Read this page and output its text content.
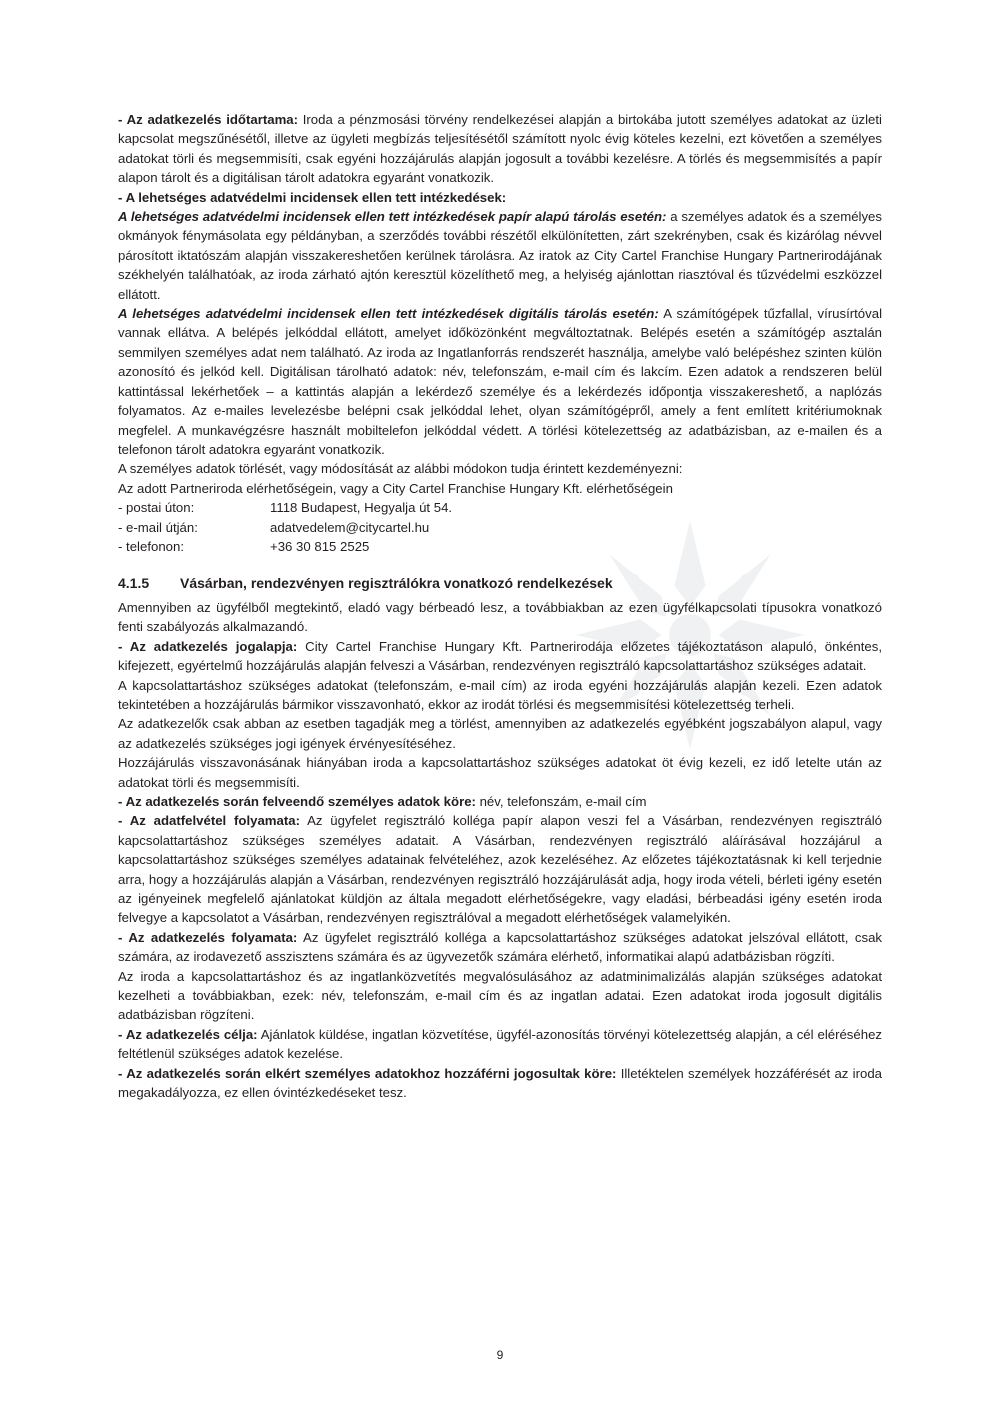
- Az adatkezelés időtartama: Iroda a pénzmosási törvény rendelkezései alapján a birtokába jutott személyes adatokat az üzleti kapcsolat megszűnésétől, illetve az ügyleti megbízás teljesítésétől számított nyolc évig köteles kezelni, ezt követően a személyes adatokat törli és megsemmisíti, csak egyéni hozzájárulás alapján jogosult a további kezelésre. A törlés és megsemmisítés a papír alapon tárolt és a digitálisan tárolt adatokra egyaránt vonatkozik.

- A lehetséges adatvédelmi incidensek ellen tett intézkedések:

A lehetséges adatvédelmi incidensek ellen tett intézkedések papír alapú tárolás esetén: a személyes adatok és a személyes okmányok fénymásolata egy példányban, a szerződés további részétől elkülönítetten, zárt szekrényben, csak és kizárólag névvel párosított iktatószám alapján visszakereshetően kerülnek tárolásra. Az iratok az City Cartel Franchise Hungary Partnerirodájának székhelyén találhatóak, az iroda zárható ajtón keresztül közelíthető meg, a helyiség ajánlottan riasztóval és tűzvédelmi eszközzel ellátott.

A lehetséges adatvédelmi incidensek ellen tett intézkedések digitális tárolás esetén: A számítógépek tűzfallal, vírusírtóval vannak ellátva. A belépés jelkóddal ellátott, amelyet időközönként megváltoztatnak. Belépés esetén a számítógép asztalán semmilyen személyes adat nem található. Az iroda az Ingatlanforrás rendszerét használja, amelybe való belépéshez szinten külön azonosító és jelkód kell. Digitálisan tárolható adatok: név, telefonszám, e-mail cím és lakcím. Ezen adatok a rendszeren belül kattintással lekérhetőek – a kattintás alapján a lekérdező személye és a lekérdezés időpontja visszakereshető, a naplózás folyamatos. Az e-mailes levelezésbe belépni csak jelkóddal lehet, olyan számítógépről, amely a fent említett kritériumoknak megfelel. A munkavégzésre használt mobiltelefon jelkóddal védett. A törlési kötelezettség az adatbázisban, az e-mailen és a telefonon tárolt adatokra egyaránt vonatkozik.

A személyes adatok törlését, vagy módosítását az alábbi módokon tudja érintett kezdeményezni:

Az adott Partneriroda elérhetőségein, vagy a City Cartel Franchise Hungary Kft. elérhetőségein

- postai úton:	1118 Budapest, Hegyalja út 54.
- e-mail útján:	adatvedelem@citycartel.hu
- telefonon:	+36 30 815 2525
4.1.5	Vásárban, rendezvényen regisztrálókra vonatkozó rendelkezések

Amennyiben az ügyfélből megtekintő, eladó vagy bérbeadó lesz, a továbbiakban az ezen ügyfélkapcsolati típusokra vonatkozó fenti szabályozás alkalmazandó.

- Az adatkezelés jogalapja: City Cartel Franchise Hungary Kft. Partnerirodája előzetes tájékoztatáson alapuló, önkéntes, kifejezett, egyértelmű hozzájárulás alapján felveszi a Vásárban, rendezvényen regisztráló kapcsolattartáshoz szükséges adatait.

A kapcsolattartáshoz szükséges adatokat (telefonszám, e-mail cím) az iroda egyéni hozzájárulás alapján kezeli. Ezen adatok tekintetében a hozzájárulás bármikor visszavonható, ekkor az irodát törlési és megsemmisítési kötelezettség terheli.

Az adatkezelők csak abban az esetben tagadják meg a törlést, amennyiben az adatkezelés egyébként jogszabályon alapul, vagy az adatkezelés szükséges jogi igények érvényesítéséhez.

Hozzájárulás visszavonásának hiányában iroda a kapcsolattartáshoz szükséges adatokat öt évig kezeli, ez idő letelte után az adatokat törli és megsemmisíti.

- Az adatkezelés során felveendő személyes adatok köre: név, telefonszám, e-mail cím

- Az adatfelvétel folyamata: Az ügyfelet regisztráló kolléga papír alapon veszi fel a Vásárban, rendezvényen regisztráló kapcsolattartáshoz szükséges személyes adatait. A Vásárban, rendezvényen regisztráló aláírásával hozzájárul a kapcsolattartáshoz szükséges személyes adatainak felvételéhez, azok kezeléséhez. Az előzetes tájékoztatásnak ki kell terjednie arra, hogy a hozzájárulás alapján a Vásárban, rendezvényen regisztráló hozzájárulását adja, hogy iroda vételi, bérleti igény esetén az igényeinek megfelelő ajánlatokat küldjön az általa megadott elérhetőségekre, vagy eladási, bérbeadási igény esetén iroda felvegye a kapcsolatot a Vásárban, rendezvényen regisztrálóval a megadott elérhetőségek valamelyikén.

- Az adatkezelés folyamata: Az ügyfelet regisztráló kolléga a kapcsolattartáshoz szükséges adatokat jelszóval ellátott, csak számára, az irodavezető asszisztens számára és az ügyvezetők számára elérhető, informatikai alapú adatbázisban rögzíti.

Az iroda a kapcsolattartáshoz és az ingatlanközvetítés megvalósulásához az adatminimalizálás alapján szükséges adatokat kezelheti a továbbiakban, ezek: név, telefonszám, e-mail cím és az ingatlan adatai. Ezen adatokat iroda jogosult digitális adatbázisban rögzíteni.

- Az adatkezelés célja: Ajánlatok küldése, ingatlan közvetítése, ügyfél-azonosítás törvényi kötelezettség alapján, a cél eléréséhez feltétlenül szükséges adatok kezelése.

- Az adatkezelés során elkért személyes adatokhoz hozzáférni jogosultak köre: Illetéktelen személyek hozzáférését az iroda megakadályozza, ez ellen óvintézkedéseket tesz.

9
